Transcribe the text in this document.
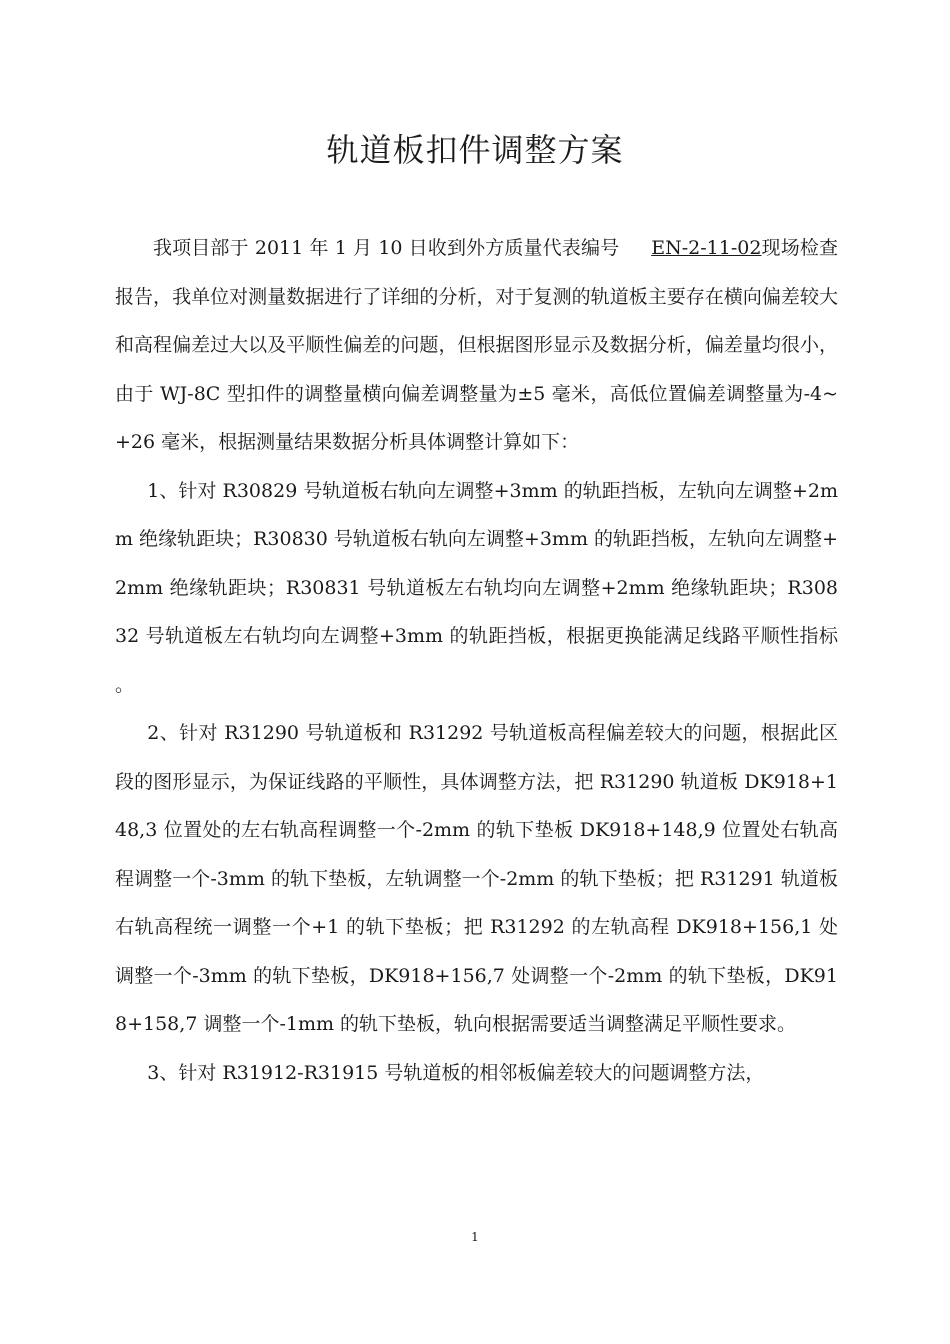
轨道板扣件调整方案

我项目部于 2011 年 1 月 10 日收到外方质量代表编号 EN-2-11-02现场检查报告，我单位对测量数据进行了详细的分析，对于复测的轨道板主要存在横向偏差较大和高程偏差过大以及平顺性偏差的问题，但根据图形显示及数据分析，偏差量均很小，由于 WJ-8C 型扣件的调整量横向偏差调整量为±5 毫米，高低位置偏差调整量为-4~+26 毫米，根据测量结果数据分析具体调整计算如下：

1、针对 R30829 号轨道板右轨向左调整+3mm 的轨距挡板，左轨向左调整+2mm 绝缘轨距块；R30830 号轨道板右轨向左调整+3mm 的轨距挡板，左轨向左调整+2mm 绝缘轨距块；R30831 号轨道板左右轨均向左调整+2mm 绝缘轨距块；R30832 号轨道板左右轨均向左调整+3mm 的轨距挡板，根据更换能满足线路平顺性指标 。

2、针对 R31290 号轨道板和 R31292 号轨道板高程偏差较大的问题，根据此区段的图形显示，为保证线路的平顺性，具体调整方法，把 R31290 轨道板 DK918+148,3 位置处的左右轨高程调整一个-2mm 的轨下垫板 DK918+148,9 位置处右轨高程调整一个-3mm 的轨下垫板，左轨调整一个-2mm 的轨下垫板；把 R31291 轨道板右轨高程统一调整一个+1 的轨下垫板；把 R31292 的左轨高程 DK918+156,1 处调整一个-3mm 的轨下垫板，DK918+156,7 处调整一个-2mm 的轨下垫板，DK918+158,7 调整一个-1mm 的轨下垫板，轨向根据需要适当调整满足平顺性要求。

3、针对 R31912-R31915 号轨道板的相邻板偏差较大的问题调整方法，

1
